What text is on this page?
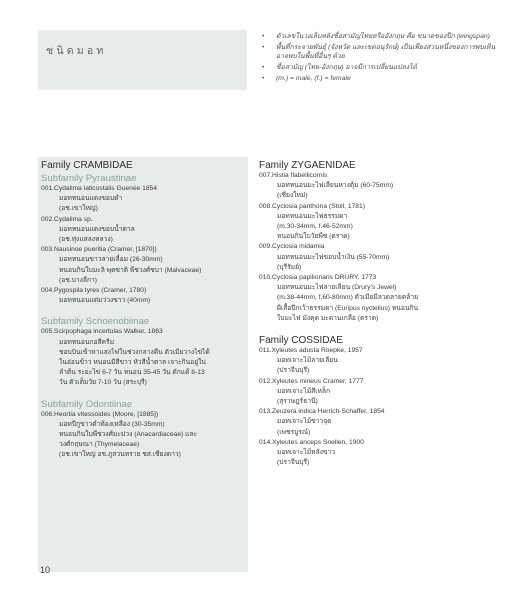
ชนิดมอท
• ตัวเลขในวงเล็บหลังชื่อสามัญไทยหรืออังกฤษ คือ ขนาดของปีก (wingspan)
• พื้นที่กระจายพันธุ์ (จังหวัด และเขตอนุรักษ์) เป็นเพียงส่วนหนึ่งของการพบเห็น อาจพบในพื้นที่อื่นๆ ด้วย
• ชื่อสามัญ (ไทย-อังกฤษ) อาจมีการเปลี่ยนแปลงได้
• (m.) = male, (f.) = female
Family CRAMBIDAE
Subfamily Pyraustinae
001.Cydalima laticostalis Guenée 1854
มอทหนอนแดงขอบดำ
(อช.เขาใหญ่)
002.Cydalima sp.
มอทหนอนแดงขอบน้ำตาล
(อช.ทุ่งแสลงหลวง)
003.Nausinoe pueritia (Cramer, [1870])
มอทหนอนขาวลายเลื่อม (26-30mm)
หนอนกินใบมะลิ พุดซาติ พืชวงศ์ชบา (Malvaceae)
(อช.บางลีกา)
004.Pygospila tyres (Cramer, 1780)
มอทหนอนแต่มว่วงขาว (40mm)
Subfamily Schoenobiinae
005.Scirpophaga incertulas Walker, 1863
มอทหนอนกอสีครีม
ชอบบินเข้าหาแสงไฟในช่วงกลางคืน ตัวเมียวางไข่ได้
ในอ่อนข้าว หนอนมีสีขาว หัวสีน้ำตาล เจาะกินอยู่ใน
ลำต้น ระยะไข่ 6-7 วัน หนอน 35-45 วัน ดักแด้ 8-13
วัน ตัวเต็มวัย 7-10 วัน (สระบุรี)
Subfamily Odontiinae
006.Heortia vitessoides (Moore, [1885])
มอทปีกูขาวดำท้องเหลือง (30-35mm)
หนอนกินใบพืชวงศ์มะม่วง (Anacardiaceae) และ
วงศ์กฤษณา (Thymelaceae)
(อช.เขาใหญ่ อช.ภูสวนทราย ชส.เชียงดาว)
Family ZYGAENIDAE
007.Histia flabellicornis
มอทหนอนมะไฟเลียนหางตุ้ม (60-75mm)
(เชียงใหม่)
008.Cyclosia panthona (Stoll, 1781)
มอทหนอนมะไฟธรรมดา
(m.30-34mm, f.46-52mm)
หนอนกินใบวัยพืช (ตราด)
009.Cyclosia midamia
มอทหนอนมะไฟขอบน้ำเงิน (55-70mm)
(บุรีรัมย์)
010.Cyclosia papilionaris DRURY, 1773
มอทหนอนมะไฟลายเลียน (Drury's Jewel)
(m.38-44mm, f.60-80mm) ตัวเมียมีลวดลายคล้าย
ผีเสื้อปีกเว้าธรรมดา (Euripus nyctelius) หนอนกิน
ใบมะไฟ มังคุด มะดานเกลือ (ตราด)
Family COSSIDAE
011.Xyleutes adusta Roepke, 1957
มอทเจาะไม้ลายเลียน
(ปราจีนบุรี)
012.Xyleutes mineus Cramer, 1777
มอทเจาะไม้สีเหล็ก
(สุราษฎร์ธานี)
013.Zeuzera indica Herrich-Schaffer, 1854
มอทเจาะไม้ขาวจุด
(เพชรบูรณ์)
014.Xyleutes anceps Snellen, 1900
มอทเจาะไม้หลังขาว
(ปราจีนบุรี)
10
